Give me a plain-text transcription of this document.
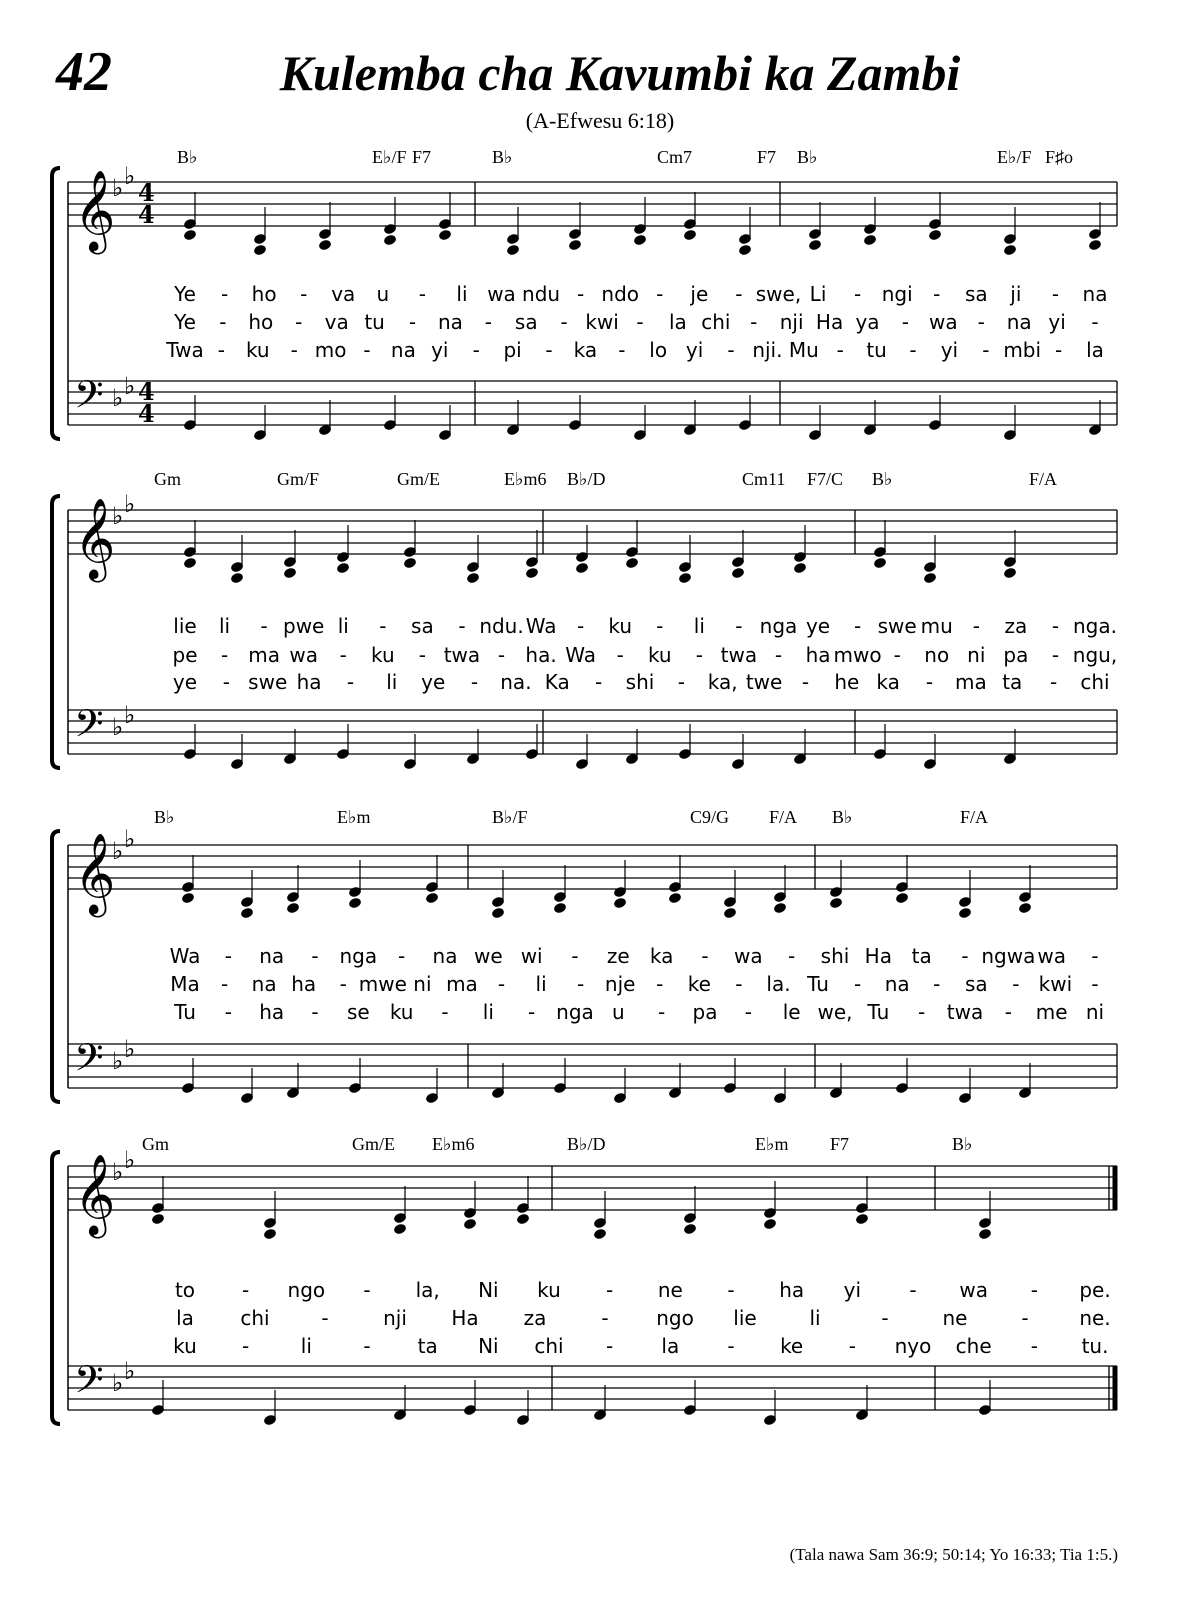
42	Kulemba cha Kavumbi ka Zambi
(A-Efwesu 6:18)
𝄞
𝄢
♭ ♭
♭ ♭
4
4
4
4
B♭	E♭/F F7	B♭	Cm7	F7 B♭	E♭/F F♯o
Ye - ho - va u - li wa ndu - ndo - je - swe, Li - ngi - sa ji - na
Ye - ho - va tu - na - sa - kwi - la chi - nji Ha ya - wa - na yi -
Twa - ku - mo - na yi - pi - ka - lo yi - nji. Mu - tu - yi - mbi - la
𝄞
𝄢
♭ ♭
♭ ♭
Gm	Gm/F	Gm/E	E♭m6 B♭/D	Cm11 F7/C B♭	F/A
lie li - pwe li - sa - ndu. Wa - ku - li - nga ye - swe mu - za - nga.
pe - ma wa - ku - twa - ha. Wa - ku - twa - ha mwo - no ni pa - ngu,
ye - swe ha - li ye - na. Ka - shi - ka, twe - he ka - ma ta - chi
𝄞
𝄢
♭ ♭
♭ ♭
B♭	E♭m	B♭/F	C9/G F/A B♭	F/A
Wa - na - nga - na we wi - ze ka - wa - shi Ha ta - ngwa wa -
Ma - na ha - mwe ni ma - li - nje - ke - la. Tu - na - sa - kwi -
Tu - ha - se ku - li - nga u - pa - le we, Tu - twa - me ni
𝄞
𝄢
♭ ♭
♭ ♭
Gm	Gm/E E♭m6	B♭/D	E♭m F7	B♭
to - ngo - la, Ni ku - ne - ha yi - wa - pe.
la chi	-	nji Ha za	- ngo lie	li	-	ne	-	ne.
ku -	li	- ta Ni chi - la - ke - nyo che - tu.
(Tala nawa Sam 36:9; 50:14; Yo 16:33; Tia 1:5.)
